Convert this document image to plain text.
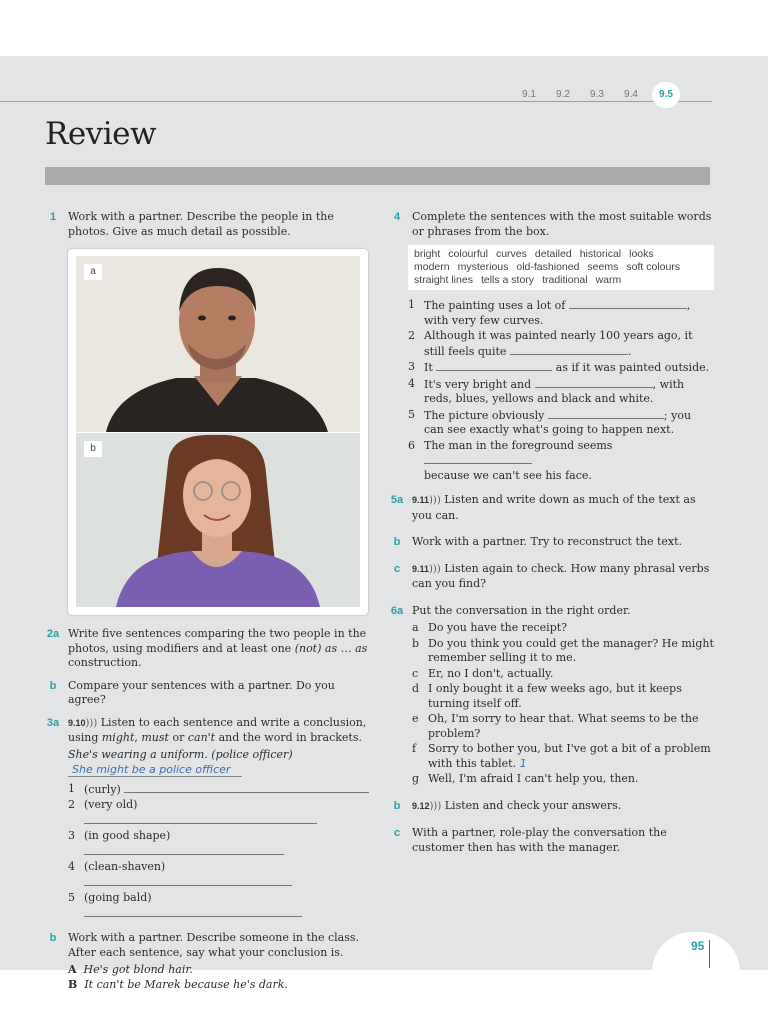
9.1	9.2	9.3	9.4	9.5
Review
1	Work with a partner. Describe the people in the photos. Give as much detail as possible.
a
b
2a Write five sentences comparing the two people in the photos, using modifiers and at least one (not) as … as construction.
b	Compare your sentences with a partner. Do you agree?
3a 9.10))) Listen to each sentence and write a conclusion, using might, must or can't and the word in brackets.
She's wearing a uniform. (police officer)
She might be a police officer
1 (curly)
2 (very old)
3 (in good shape)
4 (clean-shaven)
5 (going bald)
b	Work with a partner. Describe someone in the class. After each sentence, say what your conclusion is.
A He's got blond hair.
B It can't be Marek because he's dark.
4	Complete the sentences with the most suitable words or phrases from the box.
bright colourful curves detailed historical looks
modern mysterious old-fashioned seems soft colours
straight lines tells a story traditional warm
1 The painting uses a lot of	,
with very few curves.
2 Although it was painted nearly 100 years ago, it still feels quite	.
3 It	as if it was painted outside.
4 It's very bright and	, with reds, blues, yellows and black and white.
5 The picture obviously	; you can see exactly what's going to happen next.
6 The man in the foreground seems
because we can't see his face.
5a 9.11))) Listen and write down as much of the text as you can.
b	Work with a partner. Try to reconstruct the text.
c	9.11))) Listen again to check. How many phrasal verbs can you find?
6a Put the conversation in the right order.
a Do you have the receipt?
b Do you think you could get the manager? He might remember selling it to me.
c Er, no I don't, actually.
d I only bought it a few weeks ago, but it keeps turning itself off.
e Oh, I'm sorry to hear that. What seems to be the problem?
f Sorry to bother you, but I've got a bit of a problem with this tablet. 1
g Well, I'm afraid I can't help you, then.
b	9.12))) Listen and check your answers.
c	With a partner, role-play the conversation the customer then has with the manager.
95
